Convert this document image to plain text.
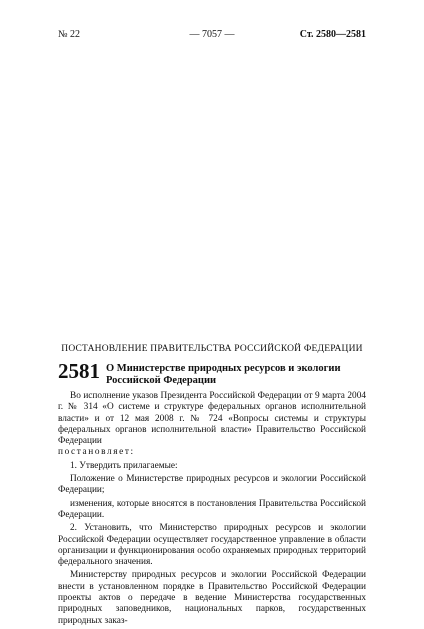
№ 22	— 7057 —	Ст. 2580—2581
ПОСТАНОВЛЕНИЕ ПРАВИТЕЛЬСТВА РОССИЙСКОЙ ФЕДЕРАЦИИ
2581 О Министерстве природных ресурсов и экологии Российской Федерации

Во исполнение указов Президента Российской Федерации от 9 марта 2004 г. № 314 «О системе и структуре федеральных органов исполнительной власти» и от 12 мая 2008 г. № 724 «Вопросы системы и структуры федеральных органов исполнительной власти» Правительство Российской Федерации
постановляет:

1. Утвердить прилагаемые:

Положение о Министерстве природных ресурсов и экологии Российской Федерации;

изменения, которые вносятся в постановления Правительства Российской Федерации.

2. Установить, что Министерство природных ресурсов и экологии Российской Федерации осуществляет государственное управление в области организации и функционирования особо охраняемых природных территорий федерального значения.

Министерству природных ресурсов и экологии Российской Федерации внести в установленном порядке в Правительство Российской Федерации проекты актов о передаче в ведение Министерства государственных природных заповедников, национальных парков, государственных природных заказ-
